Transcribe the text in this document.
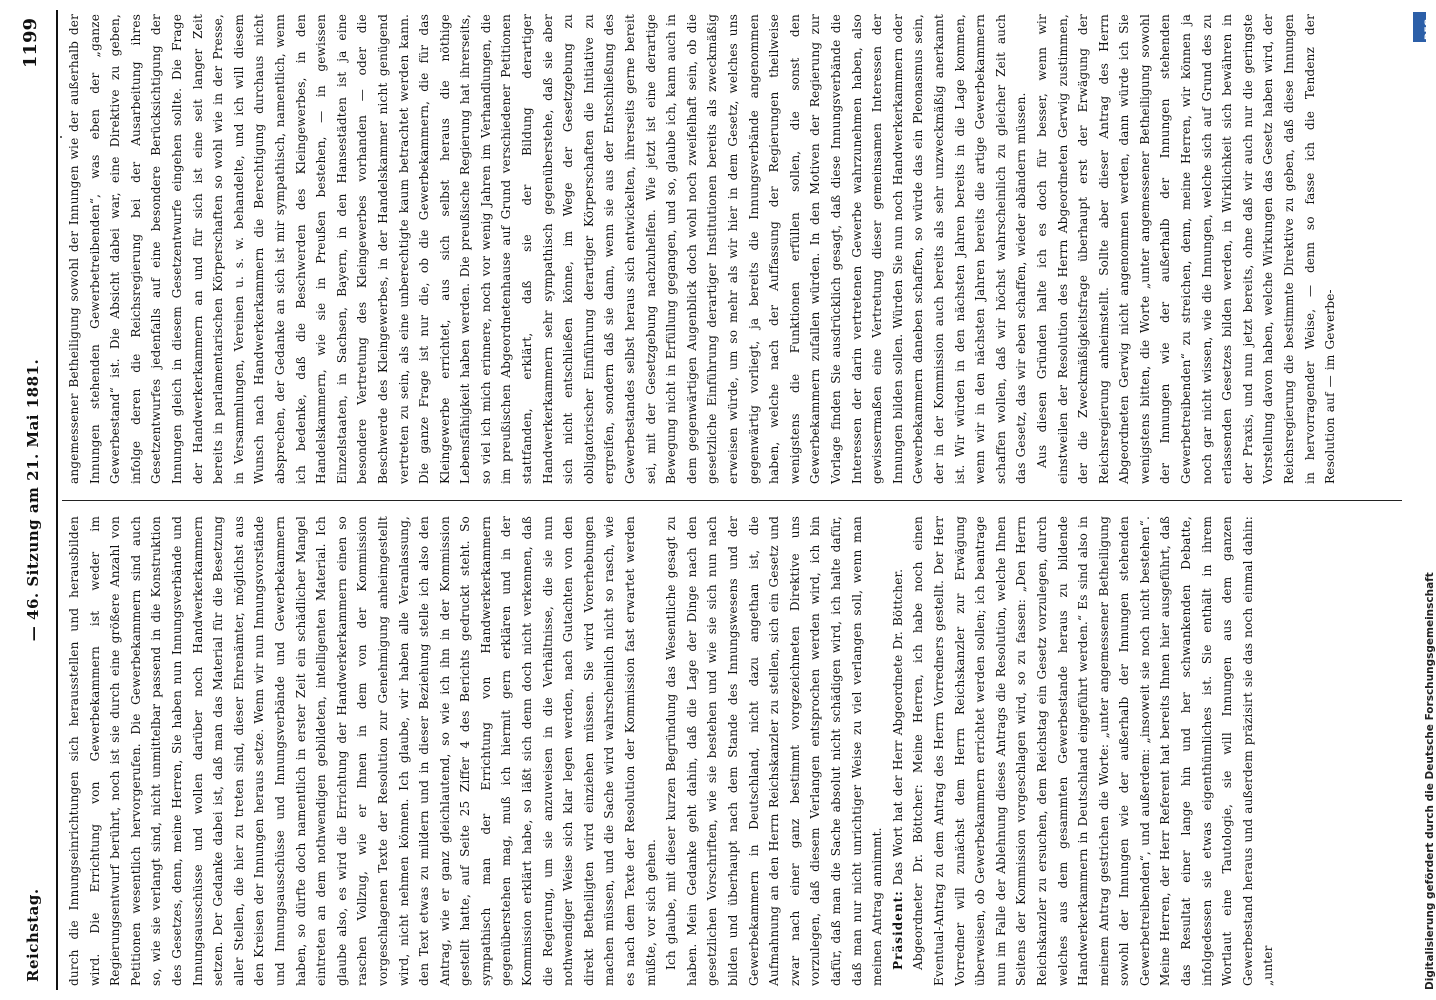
Reichstag.
— 46. Sitzung am 21. Mai 1881.
1199

durch die Innungseinrichtungen sich herausstellen und herausbilden wird. Die Errichtung von Gewerbekammern ist weder im Regierungsentwurf berührt, noch ist sie durch eine größere Anzahl von Petitionen wesentlich hervorgerufen. Die Gewerbekammern sind auch so, wie sie verlangt sind, nicht unmittelbar passend in die Konstruktion des Gesetzes, denn, meine Herren, Sie haben nun Innungsverbände und Innungsausschüsse und wollen darüber noch Handwerkerkammern setzen. Der Gedanke dabei ist, daß man das Material für die Besetzung aller Stellen, die hier zu treten sind, dieser Ehrenämter, möglichst aus den Kreisen der Innungen heraus setze. Wenn wir nun Innungsvorstände und Innungsausschüsse und Innungsverbände und Gewerbekammern haben, so dürfte doch namentlich in erster Zeit ein schädlicher Mangel eintreten an dem nothwendigen gebildeten, intelligenten Material. Ich glaube also, es wird die Errichtung der Handwerkerkammern einen so raschen Vollzug, wie er Ihnen in dem von der Kommission vorgeschlagenen Texte der Resolution zur Genehmigung anheimgestellt wird, nicht nehmen können. Ich glaube, wir haben alle Veranlassung, den Text etwas zu mildern und in dieser Beziehung stelle ich also den Antrag, wie er ganz gleichlautend, so wie ich ihn in der Kommission gestellt hatte, auf Seite 25 Ziffer 4 des Berichts gedruckt steht. So sympathisch man der Errichtung von Handwerkerkammern gegenüberstehen mag, muß ich hiermit gern erklären und in der Kommission erklärt habe, so läßt sich denn doch nicht verkennen, daß die Regierung, um sie anzuweisen in die Verhältnisse, die sie nun nothwendiger Weise sich klar legen werden, nach Gutachten von den direkt Betheiligten wird einziehen müssen. Sie wird Vorerhebungen machen müssen, und die Sache wird wahrscheinlich nicht so rasch, wie es nach dem Texte der Resolution der Kommission fast erwartet werden müßte, vor sich gehen. Ich glaube, mit dieser kurzen Begründung das Wesentliche gesagt zu haben. Mein Gedanke geht dahin, daß die Lage der Dinge nach den gesetzlichen Vorschriften, wie sie bestehen und wie sie sich nun nach bilden und überhaupt nach dem Stande des Innungswesens und der Gewerbekammern in Deutschland, nicht dazu angethan ist, die Aufmahnung an den Herrn Reichskanzler zu stellen, sich ein Gesetz und zwar nach einer ganz bestimmt vorgezeichneten Direktive uns vorzulegen, daß diesem Verlangen entsprochen werden wird, ich bin dafür, daß man die Sache absolut nicht schädigen wird, ich halte dafür, daß man nur nicht unrichtiger Weise zu viel verlangen soll, wenn man meinen Antrag annimmt. Präsident: Das Wort hat der Herr Abgeordnete Dr. Böttcher. Abgeordneter Dr. Böttcher: Meine Herren, ich habe noch einen Eventual-Antrag zu dem Antrag des Herrn Vorredners gestellt. Der Herr Vorredner will zunächst dem Herrn Reichskanzler zur Erwägung überweisen, ob Gewerbekammern errichtet werden sollen; ich beantrage nun im Falle der Ablehnung dieses Antrags die Resolution, welche Ihnen Seitens der Kommission vorgeschlagen wird, so zu fassen: „Den Herrn Reichskanzler zu ersuchen, dem Reichstag ein Gesetz vorzulegen, durch welches aus dem gesammten Gewerbestande heraus zu bildende Handwerkerkammern in Deutschland eingeführt werden.“ Es sind also in meinem Antrag gestrichen die Worte: „unter angemessener Betheiligung sowohl der Innungen wie der außerhalb der Innungen stehenden Gewerbetreibenden“, und außerdem: „insoweit sie noch nicht bestehen“. Meine Herren, der Herr Referent hat bereits Ihnen hier ausgeführt, daß das Resultat einer lange hin und her schwankenden Debatte, infolgedessen sie etwas eigenthümliches ist. Sie enthält in ihrem Wortlaut eine Tautologie, sie will Innungen aus dem ganzen Gewerbestand heraus und außerdem präzisirt sie das noch einmal dahin: „unter

angemessener Betheiligung sowohl der Innungen wie der außerhalb der Innungen stehenden Gewerbetreibenden“, was eben der „ganze Gewerbestand“ ist. Die Absicht dabei war, eine Direktive zu geben, infolge deren die Reichsregierung bei der Ausarbeitung ihres Gesetzentwurfes jedenfalls auf eine besondere Berücksichtigung der Innungen gleich in diesem Gesetzentwurfe eingehen sollte. Die Frage der Handwerkerkammern an und für sich ist eine seit langer Zeit bereits in parlamentarischen Körperschaften so wohl wie in der Presse, in Versammlungen, Vereinen u. s. w. behandelte, und ich will diesem Wunsch nach Handwerkerkammern die Berechtigung durchaus nicht absprechen, der Gedanke an sich ist mir sympathisch, namentlich, wenn ich bedenke, daß die Beschwerden des Kleingewerbes, in den Handelskammern, wie sie in Preußen bestehen, — in gewissen Einzelstaaten, in Sachsen, Bayern, in den Hansestädten ist ja eine besondere Vertretung des Kleingewerbes vorhanden — oder die Beschwerde des Kleingewerbes, in der Handelskammer nicht genügend vertreten zu sein, als eine unberechtigte kaum betrachtet werden kann. Die ganze Frage ist nur die, ob die Gewerbekammern, die für das Kleingewerbe errichtet, aus sich selbst heraus die nöthige Lebensfähigkeit haben werden. Die preußische Regierung hat ihrerseits, so viel ich mich erinnere, noch vor wenig Jahren im Verhandlungen, die im preußischen Abgeordnetenhause auf Grund verschiedener Petitionen stattfanden, erklärt, daß sie der Bildung derartiger Handwerkerkammern sehr sympathisch gegenüberstehe, daß sie aber sich nicht entschließen könne, im Wege der Gesetzgebung zu obligatorischer Einführung derartiger Körperschaften die Initiative zu ergreifen, sondern daß sie dann, wenn sie aus der Entschließung des Gewerbestandes selbst heraus sich entwickelten, ihrerseits gerne bereit sei, mit der Gesetzgebung nachzuhelfen. Wie jetzt ist eine derartige Bewegung nicht in Erfüllung gegangen, und so, glaube ich, kann auch in dem gegenwärtigen Augenblick doch wohl noch zweifelhaft sein, ob die gesetzliche Einführung derartiger Institutionen bereits als zweckmäßig erweisen würde, um so mehr als wir hier in dem Gesetz, welches uns gegenwärtig vorliegt, ja bereits die Innungsverbände angenommen haben, welche nach der Auffassung der Regierungen theilweise wenigstens die Funktionen erfüllen sollen, die sonst den Gewerbekammern zufallen würden. In den Motiven der Regierung zur Vorlage finden Sie ausdrücklich gesagt, daß diese Innungsverbände die Interessen der darin vertretenen Gewerbe wahrzunehmen haben, also gewissermaßen eine Vertretung dieser gemeinsamen Interessen der Innungen bilden sollen. Würden Sie nun noch Handwerkerkammern oder Gewerbekammern daneben schaffen, so würde das ein Pleonasmus sein, der in der Kommission auch bereits als sehr unzweckmäßig anerkannt ist. Wir würden in den nächsten Jahren bereits in die Lage kommen, wenn wir in den nächsten Jahren bereits die artige Gewerbekammern schaffen wollen, daß wir höchst wahrscheinlich zu gleicher Zeit auch das Gesetz, das wir eben schaffen, wieder abändern müssen. Aus diesen Gründen halte ich es doch für besser, wenn wir einstweilen der Resolution des Herrn Abgeordneten Gerwig zustimmen, der die Zweckmäßigkeitsfrage überhaupt erst der Erwägung der Reichsregierung anheimstellt. Sollte aber dieser Antrag des Herrn Abgeordneten Gerwig nicht angenommen werden, dann würde ich Sie wenigstens bitten, die Worte „unter angemessener Betheiligung sowohl der Innungen wie der außerhalb der Innungen stehenden Gewerbetreibenden“ zu streichen, denn, meine Herren, wir können ja noch gar nicht wissen, wie die Innungen, welche sich auf Grund des zu erlassenden Gesetzes bilden werden, in Wirklichkeit sich bewähren in der Praxis, und nun jetzt bereits, ohne daß wir auch nur die geringste Vorstellung davon haben, welche Wirkungen das Gesetz haben wird, der Reichsregierung die bestimmte Direktive zu geben, daß diese Innungen in hervorragender Weise, — denn so fasse ich die Tendenz der Resolution auf — im Gewerbe-

Digitalisierung gefördert durch die Deutsche Forschungsgemeinschaft
DFG
